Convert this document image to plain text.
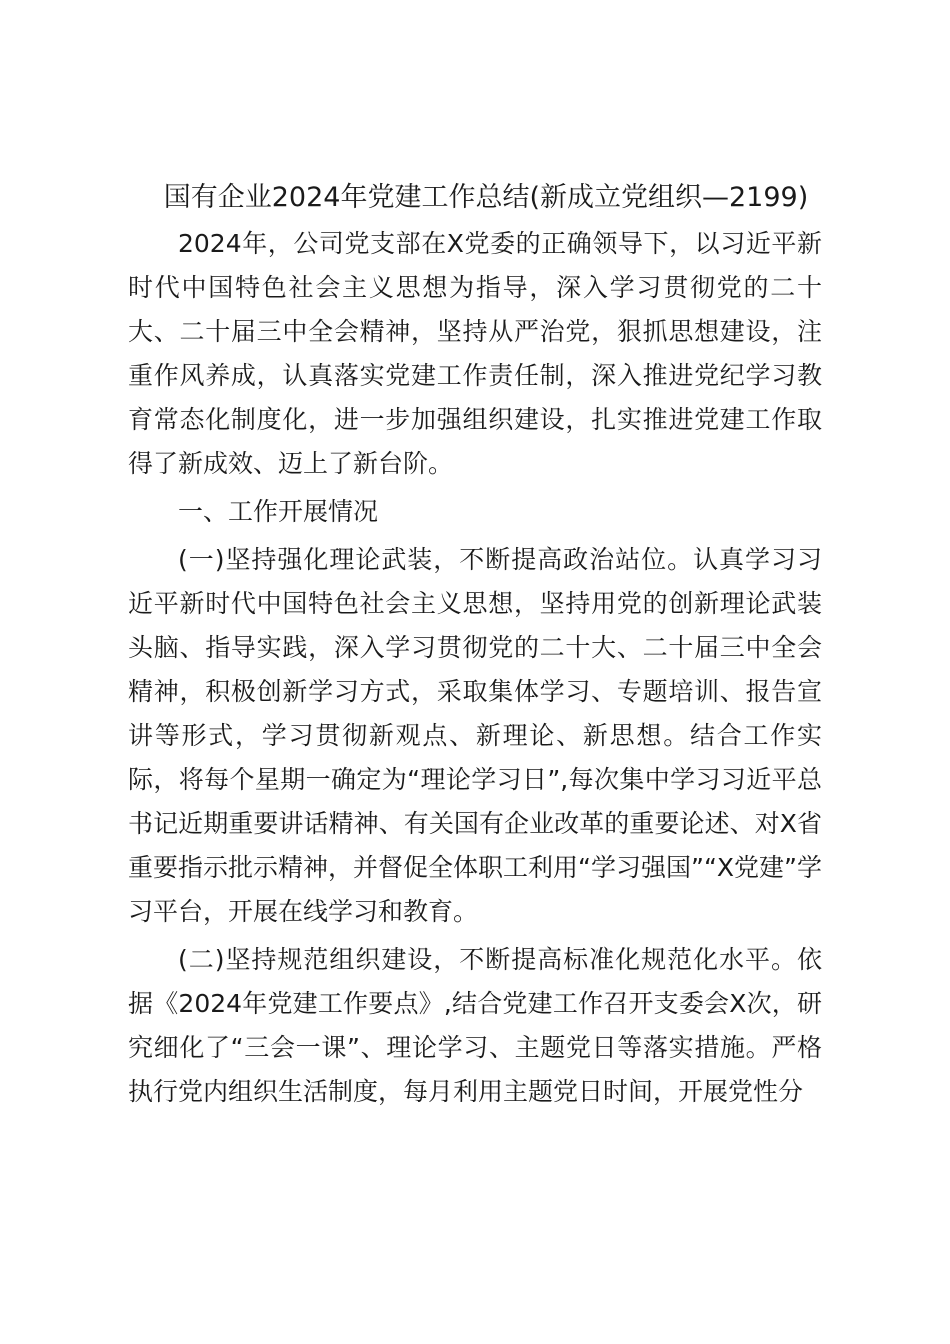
国有企业2024年党建工作总结(新成立党组织—2199)

2024年，公司党支部在X党委的正确领导下，以习近平新时代中国特色社会主义思想为指导，深入学习贯彻党的二十大、二十届三中全会精神，坚持从严治党，狠抓思想建设，注重作风养成，认真落实党建工作责任制，深入推进党纪学习教育常态化制度化，进一步加强组织建设，扎实推进党建工作取得了新成效、迈上了新台阶。

一、工作开展情况

(一)坚持强化理论武装，不断提高政治站位。认真学习习近平新时代中国特色社会主义思想，坚持用党的创新理论武装头脑、指导实践，深入学习贯彻党的二十大、二十届三中全会精神，积极创新学习方式，采取集体学习、专题培训、报告宣讲等形式，学习贯彻新观点、新理论、新思想。结合工作实际，将每个星期一确定为“理论学习日”,每次集中学习习近平总书记近期重要讲话精神、有关国有企业改革的重要论述、对X省重要指示批示精神，并督促全体职工利用“学习强国”“X党建”学习平台，开展在线学习和教育。

(二)坚持规范组织建设，不断提高标准化规范化水平。依据《2024年党建工作要点》,结合党建工作召开支委会X次，研究细化了“三会一课”、理论学习、主题党日等落实措施。严格执行党内组织生活制度，每月利用主题党日时间，开展党性分
